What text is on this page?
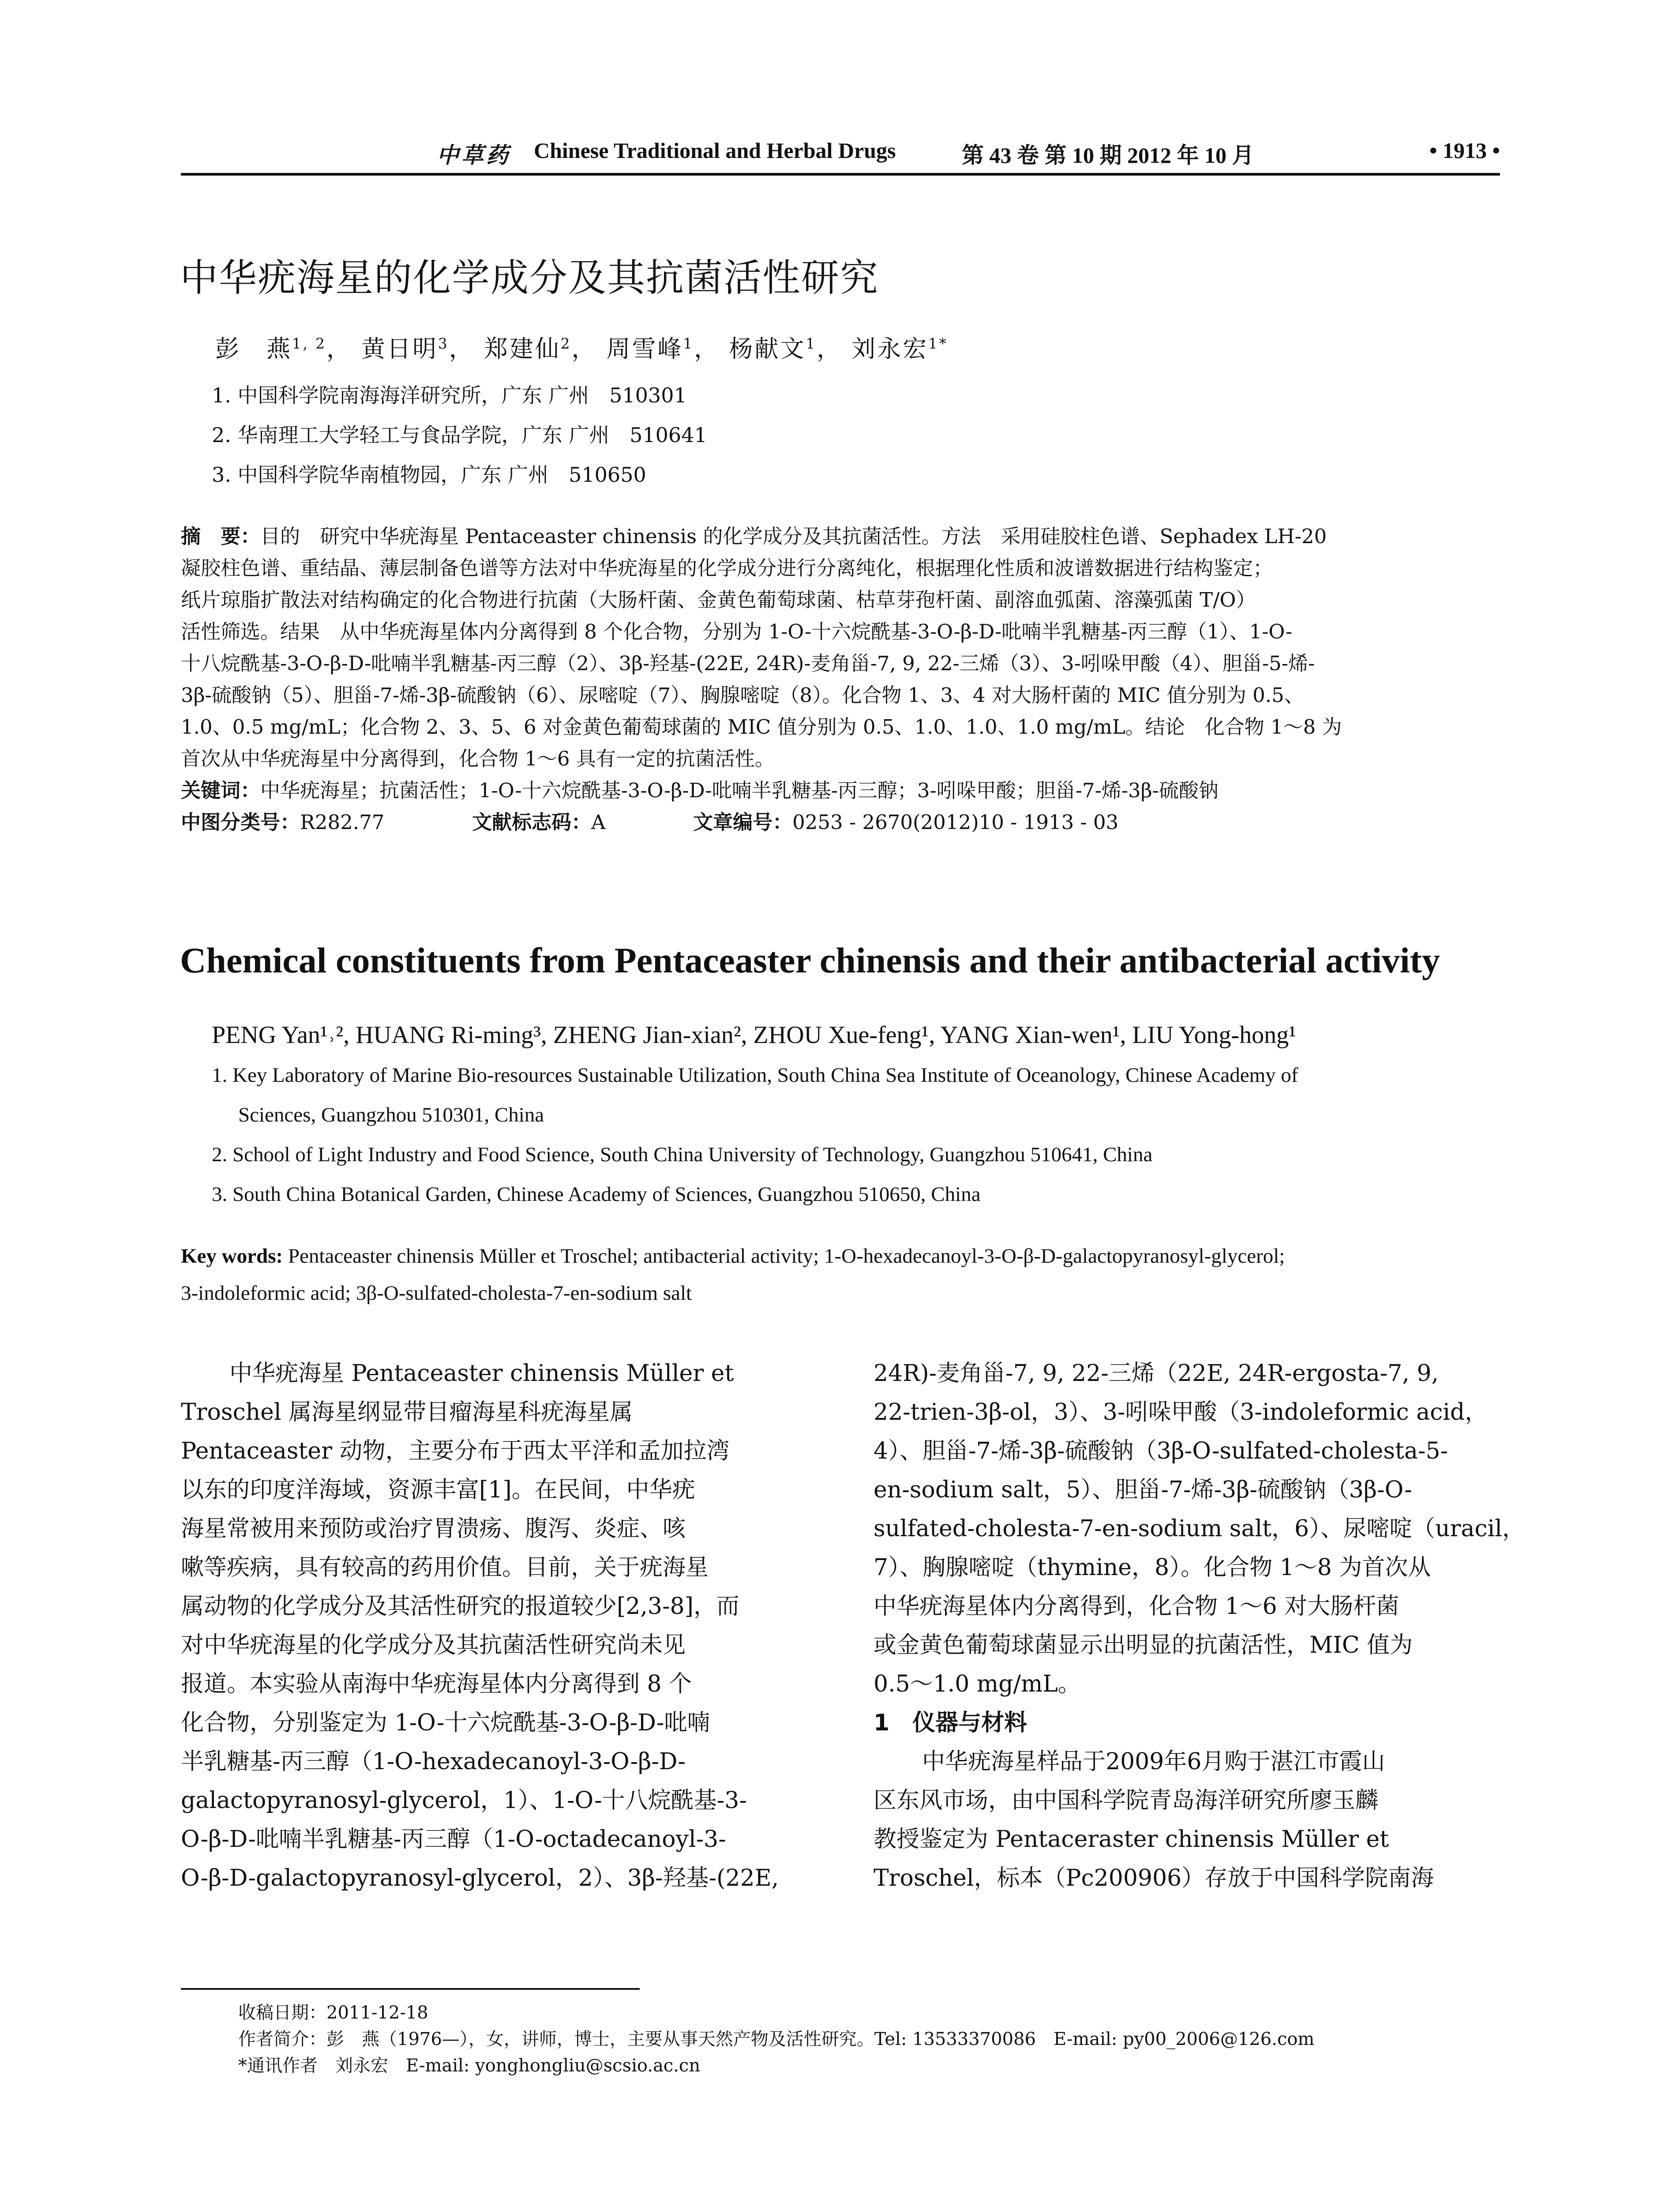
中草药 Chinese Traditional and Herbal Drugs	第 43 卷 第 10 期 2012 年 10 月	• 1913 •
中华疣海星的化学成分及其抗菌活性研究
彭　燕$^{1, 2}$， 黄日明$^3$， 郑建仙$^2$， 周雪峰$^1$， 杨献文$^1$， 刘永宏$^{1*}$
1. 中国科学院南海海洋研究所，广东 广州　510301
2. 华南理工大学轻工与食品学院，广东 广州　510641
3. 中国科学院华南植物园，广东 广州　510650
摘　要：目的　研究中华疣海星 Pentaceaster chinensis 的化学成分及其抗菌活性。方法　采用硅胶柱色谱、Sephadex LH-20
凝胶柱色谱、重结晶、薄层制备色谱等方法对中华疣海星的化学成分进行分离纯化，根据理化性质和波谱数据进行结构鉴定；
纸片琼脂扩散法对结构确定的化合物进行抗菌（大肠杆菌、金黄色葡萄球菌、枯草芽孢杆菌、副溶血弧菌、溶藻弧菌 T/O）
活性筛选。结果　从中华疣海星体内分离得到 8 个化合物，分别为 1-O-十六烷酰基-3-O-β-D-吡喃半乳糖基-丙三醇（1）、1-O-
十八烷酰基-3-O-β-D-吡喃半乳糖基-丙三醇（2）、3β-羟基-(22E, 24R)-麦角甾-7, 9, 22-三烯（3）、3-吲哚甲酸（4）、胆甾-5-烯-
3β-硫酸钠（5）、胆甾-7-烯-3β-硫酸钠（6）、尿嘧啶（7）、胸腺嘧啶（8）。化合物 1、3、4 对大肠杆菌的 MIC 值分别为 0.5、
1.0、0.5 mg/mL；化合物 2、3、5、6 对金黄色葡萄球菌的 MIC 值分别为 0.5、1.0、1.0、1.0 mg/mL。结论　化合物 1～8 为
首次从中华疣海星中分离得到，化合物 1～6 具有一定的抗菌活性。
关键词：中华疣海星；抗菌活性；1-O-十六烷酰基-3-O-β-D-吡喃半乳糖基-丙三醇；3-吲哚甲酸；胆甾-7-烯-3β-硫酸钠
中图分类号：R282.77	文献标志码：A	文章编号：0253 - 2670(2012)10 - 1913 - 03
Chemical constituents from Pentaceaster chinensis and their antibacterial activity
PENG Yan¹˒², HUANG Ri-ming³, ZHENG Jian-xian², ZHOU Xue-feng¹, YANG Xian-wen¹, LIU Yong-hong¹
1. Key Laboratory of Marine Bio-resources Sustainable Utilization, South China Sea Institute of Oceanology, Chinese Academy of
Sciences, Guangzhou 510301, China
2. School of Light Industry and Food Science, South China University of Technology, Guangzhou 510641, China
3. South China Botanical Garden, Chinese Academy of Sciences, Guangzhou 510650, China
Key words: Pentaceaster chinensis Müller et Troschel; antibacterial activity; 1-O-hexadecanoyl-3-O-β-D-galactopyranosyl-glycerol;
3-indoleformic acid; 3β-O-sulfated-cholesta-7-en-sodium salt
中华疣海星 Pentaceaster chinensis Müller et
Troschel 属海星纲显带目瘤海星科疣海星属
Pentaceaster 动物，主要分布于西太平洋和孟加拉湾
以东的印度洋海域，资源丰富[1]。在民间，中华疣
海星常被用来预防或治疗胃溃疡、腹泻、炎症、咳
嗽等疾病，具有较高的药用价值。目前，关于疣海星
属动物的化学成分及其活性研究的报道较少[2,3-8]，而
对中华疣海星的化学成分及其抗菌活性研究尚未见
报道。本实验从南海中华疣海星体内分离得到 8 个
化合物，分别鉴定为 1-O-十六烷酰基-3-O-β-D-吡喃
半乳糖基-丙三醇（1-O-hexadecanoyl-3-O-β-D-
galactopyranosyl-glycerol，1）、1-O-十八烷酰基-3-
O-β-D-吡喃半乳糖基-丙三醇（1-O-octadecanoyl-3-
O-β-D-galactopyranosyl-glycerol，2）、3β-羟基-(22E,
24R)-麦角甾-7, 9, 22-三烯（22E, 24R-ergosta-7, 9,
22-trien-3β-ol，3）、3-吲哚甲酸（3-indoleformic acid，
4）、胆甾-7-烯-3β-硫酸钠（3β-O-sulfated-cholesta-5-
en-sodium salt，5）、胆甾-7-烯-3β-硫酸钠（3β-O-
sulfated-cholesta-7-en-sodium salt，6）、尿嘧啶（uracil，
7）、胸腺嘧啶（thymine，8）。化合物 1～8 为首次从
中华疣海星体内分离得到，化合物 1～6 对大肠杆菌
或金黄色葡萄球菌显示出明显的抗菌活性，MIC 值为
0.5～1.0 mg/mL。
1　仪器与材料
中华疣海星样品于2009年6月购于湛江市霞山
区东风市场，由中国科学院青岛海洋研究所廖玉麟
教授鉴定为 Pentaceraster chinensis Müller et
Troschel，标本（Pc200906）存放于中国科学院南海
收稿日期：2011-12-18
作者简介：彭　燕（1976—），女，讲师，博士，主要从事天然产物及活性研究。Tel: 13533370086　E-mail: py00_2006@126.com
*通讯作者　刘永宏　E-mail: yonghongliu@scsio.ac.cn
